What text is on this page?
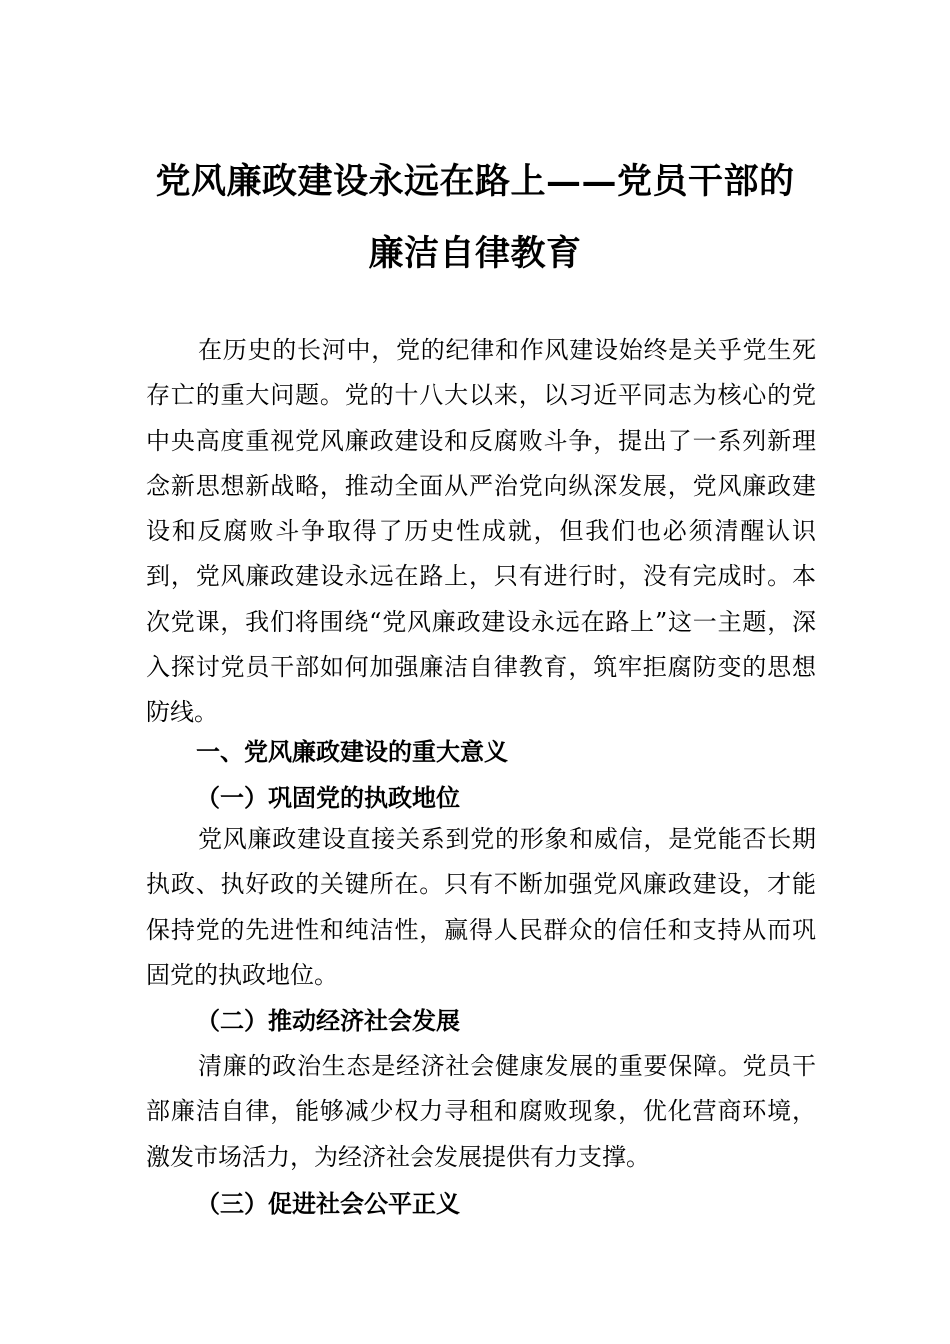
党风廉政建设永远在路上——党员干部的
廉洁自律教育

在历史的长河中，党的纪律和作风建设始终是关乎党生死存亡的重大问题。党的十八大以来，以习近平同志为核心的党中央高度重视党风廉政建设和反腐败斗争，提出了一系列新理念新思想新战略，推动全面从严治党向纵深发展，党风廉政建设和反腐败斗争取得了历史性成就，但我们也必须清醒认识到，党风廉政建设永远在路上，只有进行时，没有完成时。本次党课，我们将围绕“党风廉政建设永远在路上”这一主题，深入探讨党员干部如何加强廉洁自律教育，筑牢拒腐防变的思想防线。

一、党风廉政建设的重大意义
（一）巩固党的执政地位

党风廉政建设直接关系到党的形象和威信，是党能否长期执政、执好政的关键所在。只有不断加强党风廉政建设，才能保持党的先进性和纯洁性，赢得人民群众的信任和支持从而巩固党的执政地位。

（二）推动经济社会发展

清廉的政治生态是经济社会健康发展的重要保障。党员干部廉洁自律，能够减少权力寻租和腐败现象，优化营商环境，激发市场活力，为经济社会发展提供有力支撑。

（三）促进社会公平正义
